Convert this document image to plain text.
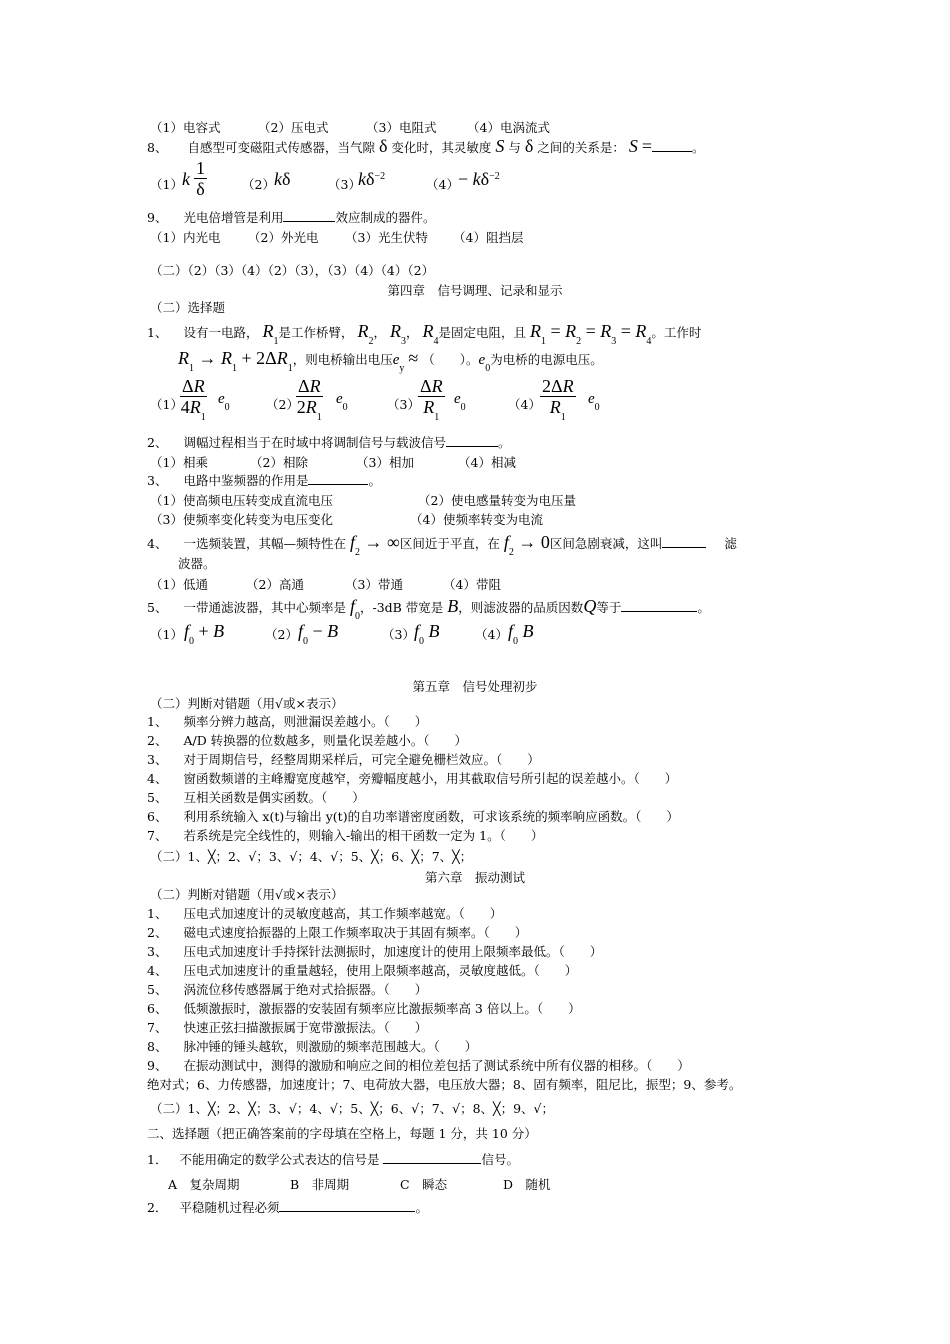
（1）电容式	（2）压电式	（3）电阻式 （4）电涡流式
8、 自感型可变磁阻式传感器，当气隙 δ 变化时，其灵敏度 S 与 δ 之间的关系是： S =	。
（1） k $\frac{1}{\delta}$	（2） kδ	（3）
$k\delta^{-2}$
$(4) - k\delta^{-2}$
9、 光电倍增管是利用	效应制成的器件。
（1）内光电 （2）外光电 （3）光生伏特 （4）阻挡层
（二）（2）（3）（4）（2）（3），（3）（4）（4）（2）
第四章　信号调理、记录和显示
（二）选择题
1、 设有一电路， $R_1$是工作桥臂， $R_2$， $R_3$， $R_4$是固定电阻，且 $R_1 = R_2 = R_3 = R_4$。工作时
$R_1 \to R_1 + 2\Delta R_1$，则电桥输出电压$e_y$ ≈ （　　）。$e_0$为电桥的电源电压。
（1）
$\frac{\Delta R}{4R_1} e_0$	（2）
$\frac{\Delta R}{2R_1} e_0$	（3）
$\frac{\Delta R}{R_1} e_0$	$(4) \frac{2\Delta R}{R_1} e_0$
2、 调幅过程相当于在时域中将调制信号与载波信号	。
（1）相乘	（2）相除	（3）相加	（4）相减
3、 电路中鉴频器的作用是	。
（1）使高频电压转变成直流电压	（2）使电感量转变为电压量
（3）使频率变化转变为电压变化	（4）使频率转变为电流
4、 一选频装置，其幅—频特性在 $f_2$ → ∞区间近于平直，在 $f_2 \to 0$区间急剧衰减，这叫	滤
波器。
（1）低通	（2）高通	（3）带通	（4）带阻
5、 一带通滤波器，其中心频率是 $f_0$，-3dB 带宽是 B，则滤波器的品质因数Q等于	。
（1） $f_0 + B$	（2） $f_0 - B$	（3） $f_0$ B	（4） $f_0$ B
第五章　信号处理初步
（二）判断对错题（用√或×表示）
1、 频率分辨力越高，则泄漏误差越小。（　　）
2、 A/D 转换器的位数越多，则量化误差越小。（　　）
3、 对于周期信号，经整周期采样后，可完全避免栅栏效应。（　　）
4、 窗函数频谱的主峰瓣宽度越窄，旁瓣幅度越小，用其截取信号所引起的误差越小。（　　）
5、 互相关函数是偶实函数。（　　）
6、 利用系统输入 x(t)与输出 y(t)的自功率谱密度函数，可求该系统的频率响应函数。（　　）
7、 若系统是完全线性的，则输入-输出的相干函数一定为 1。（　　）
（二）1、╳；2、√；3、√；4、√；5、╳；6、╳；7、╳；
第六章　振动测试
（二）判断对错题（用√或×表示）
1、 压电式加速度计的灵敏度越高，其工作频率越宽。（　　）
2、 磁电式速度拾振器的上限工作频率取决于其固有频率。（　　）
3、 压电式加速度计手持探针法测振时，加速度计的使用上限频率最低。（　　）
4、 压电式加速度计的重量越轻，使用上限频率越高，灵敏度越低。（　　）
5、 涡流位移传感器属于绝对式拾振器。（　　）
6、 低频激振时，激振器的安装固有频率应比激振频率高 3 倍以上。（　　）
7、 快速正弦扫描激振属于宽带激振法。（　　）
8、 脉冲锤的锤头越软，则激励的频率范围越大。（　　）
9、 在振动测试中，测得的激励和响应之间的相位差包括了测试系统中所有仪器的相移。（　　）
绝对式；6、力传感器，加速度计；7、电荷放大器，电压放大器；8、固有频率，阻尼比，振型；9、参考。
（二）1、╳；2、╳；3、√；4、√；5、╳；6、√；7、√；8、╳；9、√；
二、选择题（把正确答案前的字母填在空格上，每题 1 分，共 10 分）
1． 不能用确定的数学公式表达的信号是	信号。
A　复杂周期	B　非周期	C　瞬态	D　随机
2． 平稳随机过程必须	。
